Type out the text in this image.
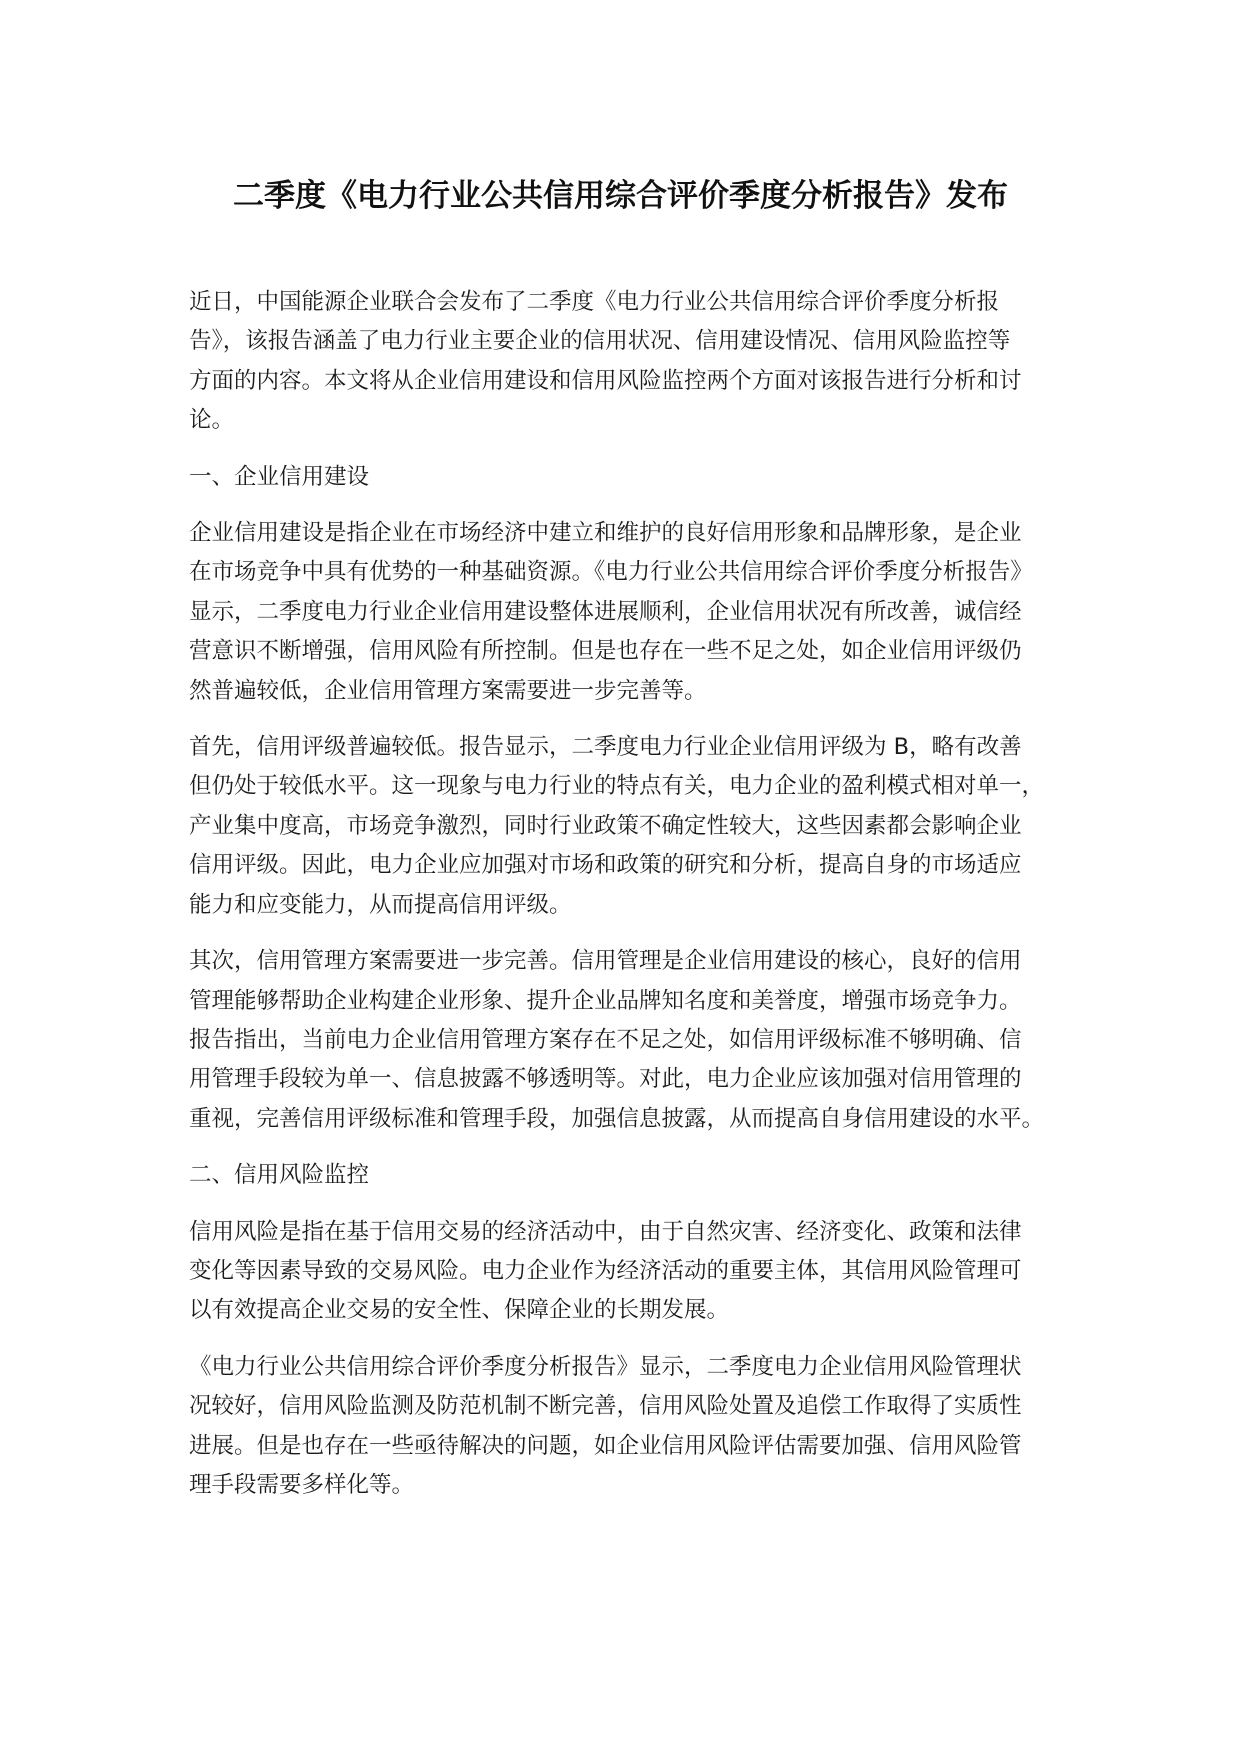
二季度《电力行业公共信用综合评价季度分析报告》发布

近日，中国能源企业联合会发布了二季度《电力行业公共信用综合评价季度分析报
告》，该报告涵盖了电力行业主要企业的信用状况、信用建设情况、信用风险监控等
方面的内容。本文将从企业信用建设和信用风险监控两个方面对该报告进行分析和讨
论。

一、企业信用建设

企业信用建设是指企业在市场经济中建立和维护的良好信用形象和品牌形象，是企业
在市场竞争中具有优势的一种基础资源。《电力行业公共信用综合评价季度分析报告》
显示，二季度电力行业企业信用建设整体进展顺利，企业信用状况有所改善，诚信经
营意识不断增强，信用风险有所控制。但是也存在一些不足之处，如企业信用评级仍
然普遍较低，企业信用管理方案需要进一步完善等。

首先，信用评级普遍较低。报告显示，二季度电力行业企业信用评级为 B，略有改善
但仍处于较低水平。这一现象与电力行业的特点有关，电力企业的盈利模式相对单一，
产业集中度高，市场竞争激烈，同时行业政策不确定性较大，这些因素都会影响企业
信用评级。因此，电力企业应加强对市场和政策的研究和分析，提高自身的市场适应
能力和应变能力，从而提高信用评级。

其次，信用管理方案需要进一步完善。信用管理是企业信用建设的核心，良好的信用
管理能够帮助企业构建企业形象、提升企业品牌知名度和美誉度，增强市场竞争力。
报告指出，当前电力企业信用管理方案存在不足之处，如信用评级标准不够明确、信
用管理手段较为单一、信息披露不够透明等。对此，电力企业应该加强对信用管理的
重视，完善信用评级标准和管理手段，加强信息披露，从而提高自身信用建设的水平。

二、信用风险监控

信用风险是指在基于信用交易的经济活动中，由于自然灾害、经济变化、政策和法律
变化等因素导致的交易风险。电力企业作为经济活动的重要主体，其信用风险管理可
以有效提高企业交易的安全性、保障企业的长期发展。

《电力行业公共信用综合评价季度分析报告》显示，二季度电力企业信用风险管理状
况较好，信用风险监测及防范机制不断完善，信用风险处置及追偿工作取得了实质性
进展。但是也存在一些亟待解决的问题，如企业信用风险评估需要加强、信用风险管
理手段需要多样化等。
